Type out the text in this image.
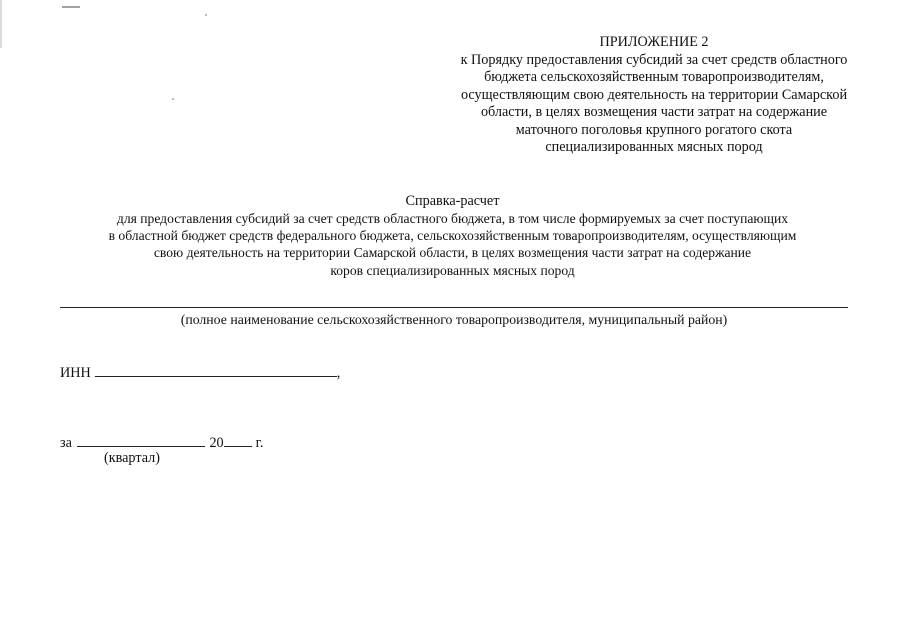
ПРИЛОЖЕНИЕ 2
к Порядку предоставления субсидий за счет средств областного
бюджета сельскохозяйственным товаропроизводителям,
осуществляющим свою деятельность на территории Самарской
области, в целях возмещения части затрат на содержание
маточного поголовья крупного рогатого скота
специализированных мясных пород
Справка-расчет
для предоставления субсидий за счет средств областного бюджета, в том числе формируемых за счет поступающих
в областной бюджет средств федерального бюджета, сельскохозяйственным товаропроизводителям, осуществляющим
свою деятельность на территории Самарской области, в целях возмещения части затрат на содержание
коров специализированных мясных пород
(полное наименование сельскохозяйственного товаропроизводителя, муниципальный район)
ИНН	,
за	20 г.
(квартал)
